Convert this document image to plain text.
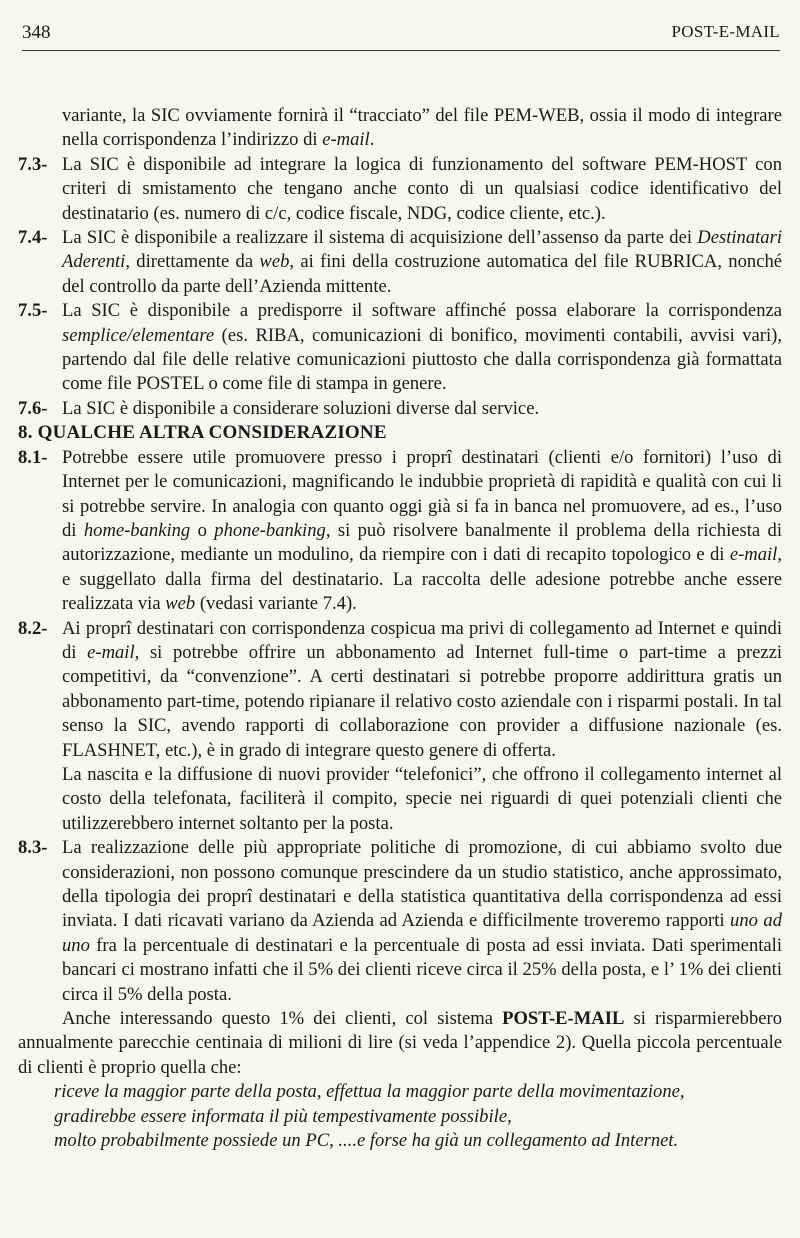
348	POST-E-MAIL

variante, la SIC ovviamente fornirà il “tracciato” del file PEM-WEB, ossia il modo di integrare nella corrispondenza l’indirizzo di e-mail.

7.3- La SIC è disponibile ad integrare la logica di funzionamento del software PEM-HOST con criteri di smistamento che tengano anche conto di un qualsiasi codice identificativo del destinatario (es. numero di c/c, codice fiscale, NDG, codice cliente, etc.).

7.4- La SIC è disponibile a realizzare il sistema di acquisizione dell’assenso da parte dei Destinatari Aderenti, direttamente da web, ai fini della costruzione automatica del file RUBRICA, nonché del controllo da parte dell’Azienda mittente.

7.5- La SIC è disponibile a predisporre il software affinché possa elaborare la corrispondenza semplice/elementare (es. RIBA, comunicazioni di bonifico, movimenti contabili, avvisi vari), partendo dal file delle relative comunicazioni piuttosto che dalla corrispondenza già formattata come file POSTEL o come file di stampa in genere.

7.6- La SIC è disponibile a considerare soluzioni diverse dal service.

8. QUALCHE ALTRA CONSIDERAZIONE

8.1- Potrebbe essere utile promuovere presso i proprî destinatari (clienti e/o fornitori) l’uso di Internet per le comunicazioni, magnificando le indubbie proprietà di rapidità e qualità con cui li si potrebbe servire. In analogia con quanto oggi già si fa in banca nel promuovere, ad es., l’uso di home-banking o phone-banking, si può risolvere banalmente il problema della richiesta di autorizzazione, mediante un modulino, da riempire con i dati di recapito topologico e di e-mail, e suggellato dalla firma del destinatario. La raccolta delle adesione potrebbe anche essere realizzata via web (vedasi variante 7.4).

8.2- Ai proprî destinatari con corrispondenza cospicua ma privi di collegamento ad Internet e quindi di e-mail, si potrebbe offrire un abbonamento ad Internet full-time o part-time a prezzi competitivi, da “convenzione”. A certi destinatari si potrebbe proporre addirittura gratis un abbonamento part-time, potendo ripianare il relativo costo aziendale con i risparmi postali. In tal senso la SIC, avendo rapporti di collaborazione con provider a diffusione nazionale (es. FLASHNET, etc.), è in grado di integrare questo genere di offerta.

La nascita e la diffusione di nuovi provider “telefonici”, che offrono il collegamento internet al costo della telefonata, faciliterà il compito, specie nei riguardi di quei potenziali clienti che utilizzerebbero internet soltanto per la posta.

8.3- La realizzazione delle più appropriate politiche di promozione, di cui abbiamo svolto due considerazioni, non possono comunque prescindere da un studio statistico, anche approssimato, della tipologia dei proprî destinatari e della statistica quantitativa della corrispondenza ad essi inviata. I dati ricavati variano da Azienda ad Azienda e difficilmente troveremo rapporti uno ad uno fra la percentuale di destinatari e la percentuale di posta ad essi inviata. Dati sperimentali bancari ci mostrano infatti che il 5% dei clienti riceve circa il 25% della posta, e l’ 1% dei clienti circa il 5% della posta.

Anche interessando questo 1% dei clienti, col sistema POST-E-MAIL si risparmierebbero annualmente parecchie centinaia di milioni di lire (si veda l’appendice 2). Quella piccola percentuale di clienti è proprio quella che:

riceve la maggior parte della posta, effettua la maggior parte della movimentazione,

gradirebbe essere informata il più tempestivamente possibile,

molto probabilmente possiede un PC, ....e forse ha già un collegamento ad Internet.
